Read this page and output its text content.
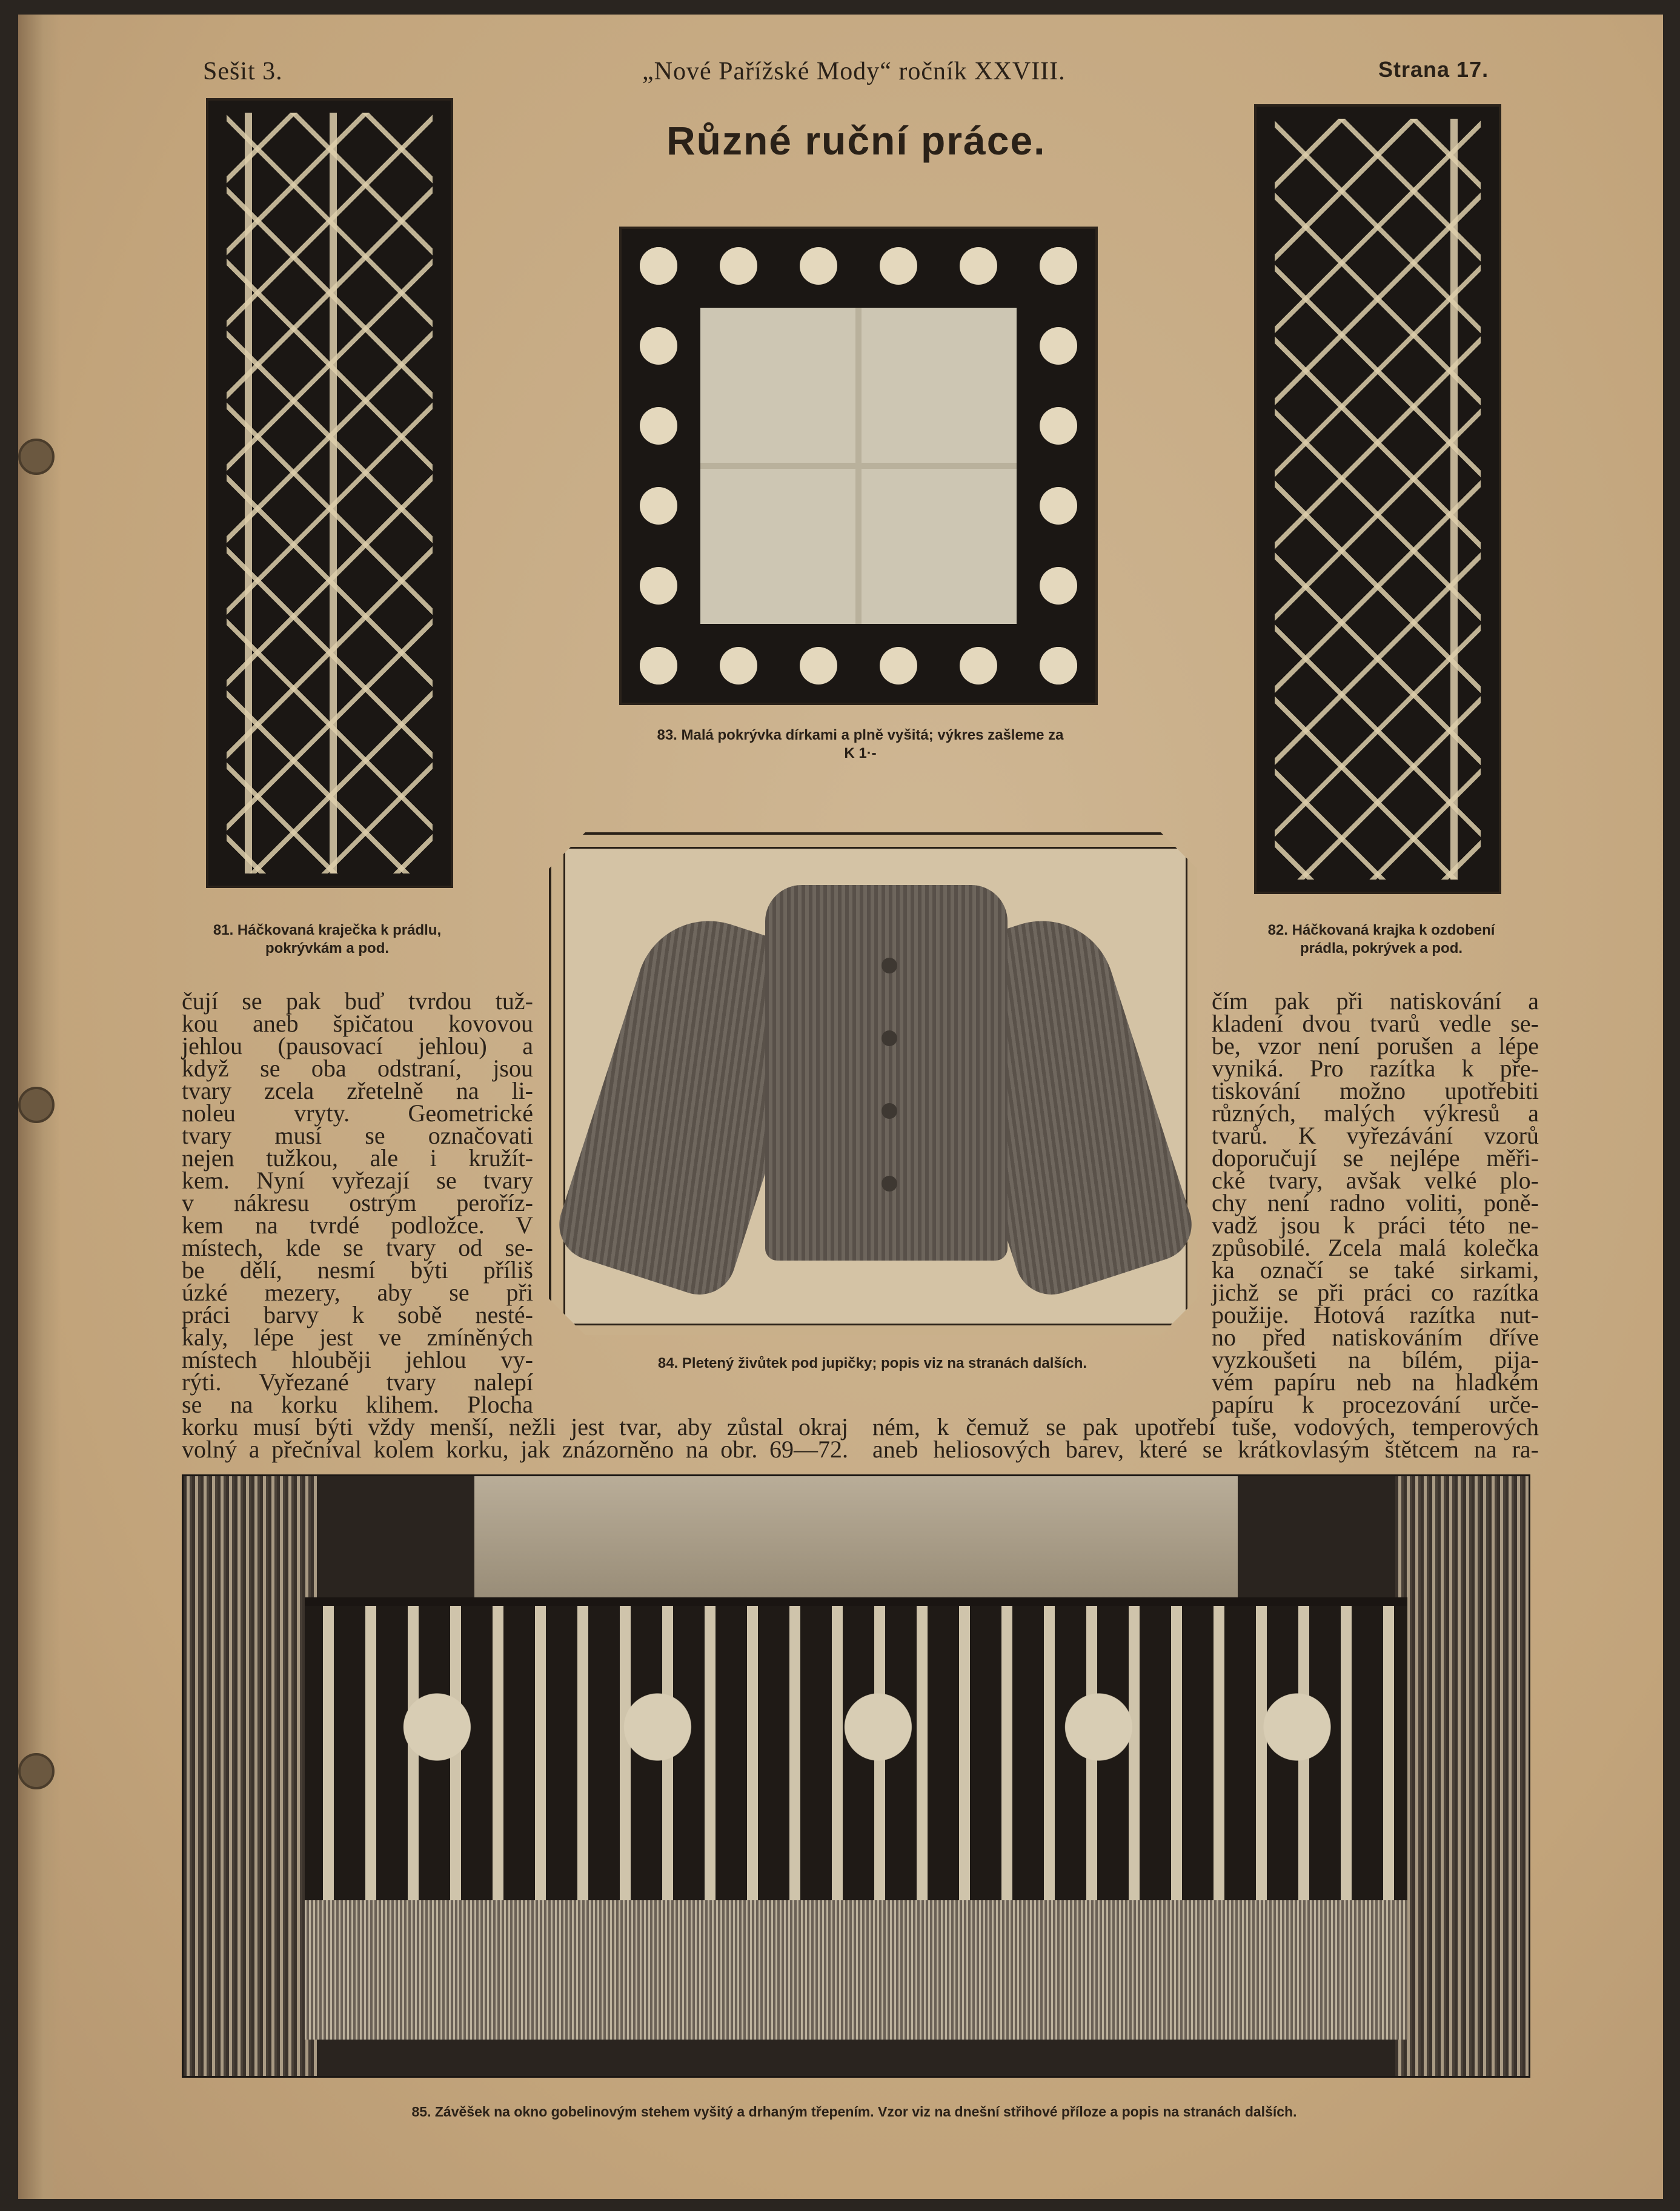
Sešit 3.	„Nové Pařížské Mody“ ročník XXVIII.	Strana 17.
Různé ruční práce.
81. Háčkovaná kraječka k prádlu,
pokrývkám a pod.
82. Háčkovaná krajka k ozdobení
prádla, pokrývek a pod.
83. Malá pokrývka dírkami a plně vyšitá; výkres zašleme za
K 1·-
84. Pletený živůtek pod jupičky; popis viz na stranách dalších.
čují se pak buď tvrdou tuž-
kou aneb špičatou kovovou
jehlou (pausovací jehlou) a
když se oba odstraní, jsou
tvary zcela zřetelně na li-
noleu vryty. Geometrické
tvary musí se označovati
nejen tužkou, ale i kružít-
kem. Nyní vyřezají se tvary
v nákresu ostrým peroříz-
kem na tvrdé podložce. V
místech, kde se tvary od se-
be dělí, nesmí býti příliš
úzké mezery, aby se při
práci barvy k sobě nesté-
kaly, lépe jest ve zmíněných
místech hlouběji jehlou vy-
rýti. Vyřezané tvary nalepí
se na korku klihem. Plocha
čím pak při natiskování a
kladení dvou tvarů vedle se-
be, vzor není porušen a lépe
vyniká. Pro razítka k pře-
tiskování možno upotřebiti
různých, malých výkresů a
tvarů. K vyřezávání vzorů
doporučují se nejlépe měři-
cké tvary, avšak velké plo-
chy není radno voliti, poně-
vadž jsou k práci této ne-
způsobilé. Zcela malá kolečka
ka označí se také sirkami,
jichž se při práci co razítka
použije. Hotová razítka nut-
no před natiskováním dříve
vyzkoušeti na bílém, pija-
vém papíru neb na hladkém
papíru k procezování urče-
korku musí býti vždy menší, nežli jest tvar, aby zůstal okraj
volný a přečníval kolem korku, jak znázorněno na obr. 69—72.
ném, k čemuž se pak upotřebí tuše, vodových, temperových
aneb heliosových barev, které se krátkovlasým štětcem na ra-
85. Závěšek na okno gobelinovým stehem vyšitý a drhaným třepením. Vzor viz na dnešní střihové příloze a popis na stranách dalších.
